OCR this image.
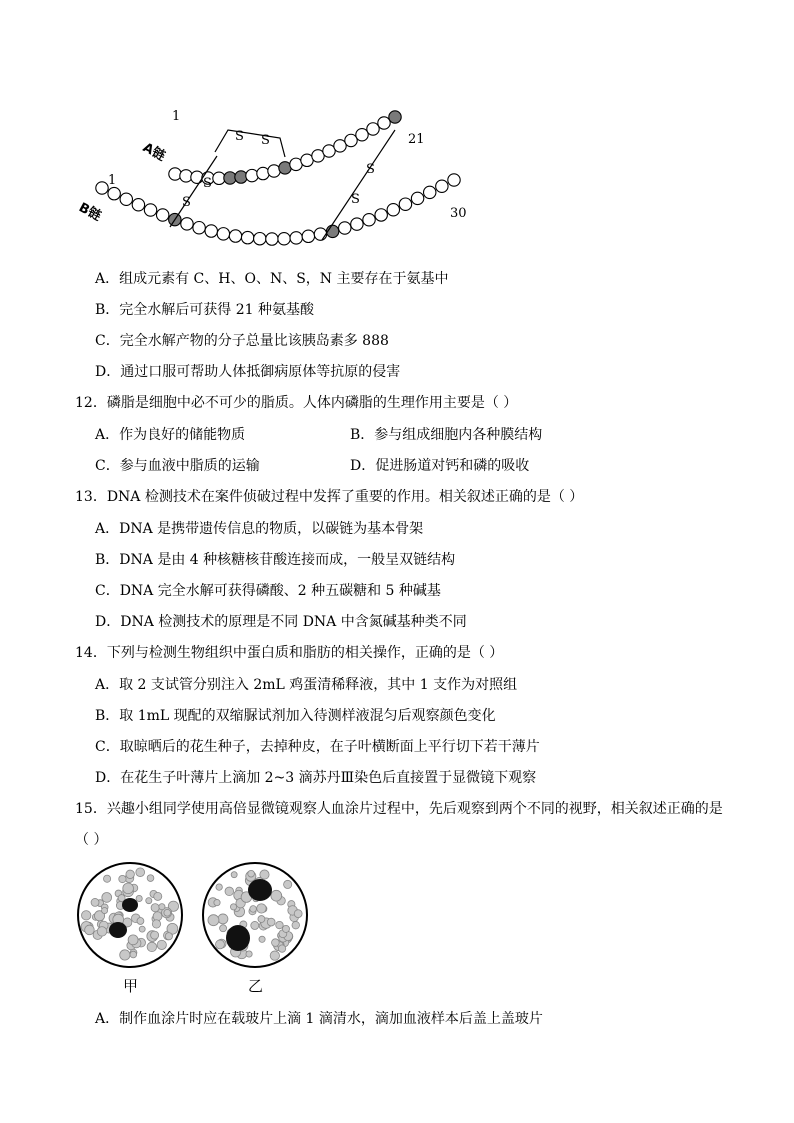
S S
S
S
S
S
1
21
1
30
A链
B链
A．组成元素有 C、H、O、N、S，N 主要存在于氨基中
B．完全水解后可获得 21 种氨基酸
C．完全水解产物的分子总量比该胰岛素多 888
D．通过口服可帮助人体抵御病原体等抗原的侵害
12．磷脂是细胞中必不可少的脂质。人体内磷脂的生理作用主要是（ ）
A．作为良好的储能物质	B．参与组成细胞内各种膜结构
C．参与血液中脂质的运输	D．促进肠道对钙和磷的吸收
13．DNA 检测技术在案件侦破过程中发挥了重要的作用。相关叙述正确的是（ ）
A．DNA 是携带遗传信息的物质，以碳链为基本骨架
B．DNA 是由 4 种核糖核苷酸连接而成，一般呈双链结构
C．DNA 完全水解可获得磷酸、2 种五碳糖和 5 种碱基
D．DNA 检测技术的原理是不同 DNA 中含氮碱基种类不同
14．下列与检测生物组织中蛋白质和脂肪的相关操作，正确的是（ ）
A．取 2 支试管分别注入 2mL 鸡蛋清稀释液，其中 1 支作为对照组
B．取 1mL 现配的双缩脲试剂加入待测样液混匀后观察颜色变化
C．取晾晒后的花生种子，去掉种皮，在子叶横断面上平行切下若干薄片
D．在花生子叶薄片上滴加 2~3 滴苏丹Ⅲ染色后直接置于显微镜下观察
15．兴趣小组同学使用高倍显微镜观察人血涂片过程中，先后观察到两个不同的视野，相关叙述正确的是
（ ）
甲	乙
A．制作血涂片时应在载玻片上滴 1 滴清水，滴加血液样本后盖上盖玻片
